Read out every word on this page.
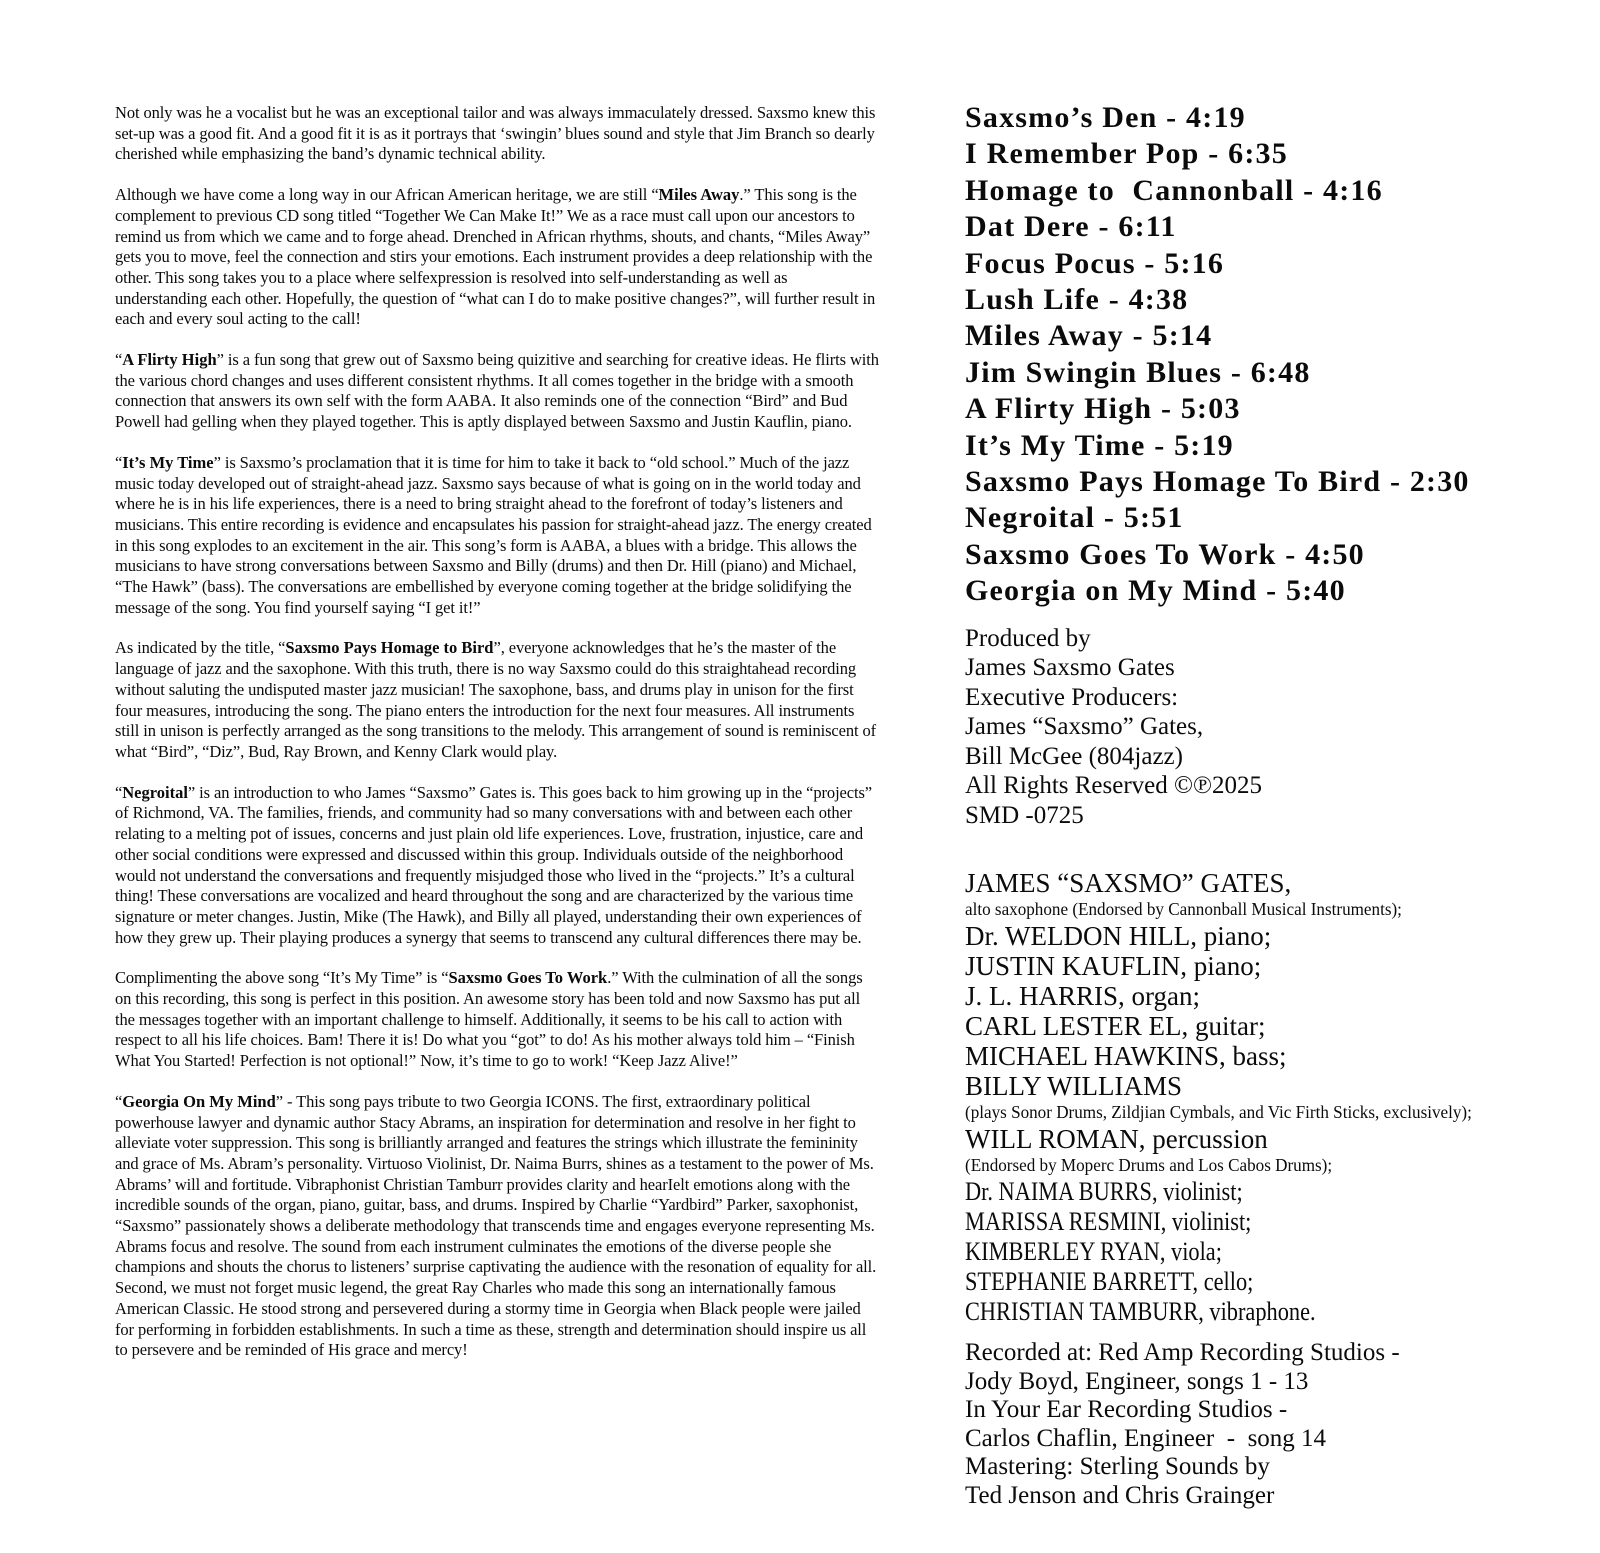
Not only was he a vocalist but he was an exceptional tailor and was always immaculately dressed. Saxsmo knew this set-up was a good fit. And a good fit it is as it portrays that ‘swingin’ blues sound and style that Jim Branch so dearly cherished while emphasizing the band’s dynamic technical ability.

Although we have come a long way in our African American heritage, we are still “Miles Away.” This song is the complement to previous CD song titled “Together We Can Make It!” We as a race must call upon our ancestors to remind us from which we came and to forge ahead. Drenched in African rhythms, shouts, and chants, “Miles Away” gets you to move, feel the connection and stirs your emotions. Each instrument provides a deep relationship with the other. This song takes you to a place where selfexpression is resolved into self-understanding as well as understanding each other. Hopefully, the question of “what can I do to make positive changes?”, will further result in each and every soul acting to the call!

“A Flirty High” is a fun song that grew out of Saxsmo being quizitive and searching for creative ideas. He flirts with the various chord changes and uses different consistent rhythms. It all comes together in the bridge with a smooth connection that answers its own self with the form AABA. It also reminds one of the connection “Bird” and Bud Powell had gelling when they played together. This is aptly displayed between Saxsmo and Justin Kauflin, piano.

“It’s My Time” is Saxsmo’s proclamation that it is time for him to take it back to “old school.” Much of the jazz music today developed out of straight-ahead jazz. Saxsmo says because of what is going on in the world today and where he is in his life experiences, there is a need to bring straight ahead to the forefront of today’s listeners and musicians. This entire recording is evidence and encapsulates his passion for straight-ahead jazz. The energy created in this song explodes to an excitement in the air. This song’s form is AABA, a blues with a bridge. This allows the musicians to have strong conversations between Saxsmo and Billy (drums) and then Dr. Hill (piano) and Michael, “The Hawk” (bass). The conversations are embellished by everyone coming together at the bridge solidifying the message of the song. You find yourself saying “I get it!”

As indicated by the title, “Saxsmo Pays Homage to Bird”, everyone acknowledges that he’s the master of the language of jazz and the saxophone. With this truth, there is no way Saxsmo could do this straightahead recording without saluting the undisputed master jazz musician! The saxophone, bass, and drums play in unison for the first four measures, introducing the song. The piano enters the introduction for the next four measures. All instruments still in unison is perfectly arranged as the song transitions to the melody. This arrangement of sound is reminiscent of what “Bird”, “Diz”, Bud, Ray Brown, and Kenny Clark would play.

“Negroital” is an introduction to who James “Saxsmo” Gates is. This goes back to him growing up in the “projects” of Richmond, VA. The families, friends, and community had so many conversations with and between each other relating to a melting pot of issues, concerns and just plain old life experiences. Love, frustration, injustice, care and other social conditions were expressed and discussed within this group. Individuals outside of the neighborhood would not understand the conversations and frequently misjudged those who lived in the “projects.” It’s a cultural thing! These conversations are vocalized and heard throughout the song and are characterized by the various time signature or meter changes. Justin, Mike (The Hawk), and Billy all played, understanding their own experiences of how they grew up. Their playing produces a synergy that seems to transcend any cultural differences there may be.

Complimenting the above song “It’s My Time” is “Saxsmo Goes To Work.” With the culmination of all the songs on this recording, this song is perfect in this position. An awesome story has been told and now Saxsmo has put all the messages together with an important challenge to himself. Additionally, it seems to be his call to action with respect to all his life choices. Bam! There it is! Do what you “got” to do! As his mother always told him – “Finish What You Started! Perfection is not optional!” Now, it’s time to go to work! “Keep Jazz Alive!”

“Georgia On My Mind” - This song pays tribute to two Georgia ICONS. The first, extraordinary political powerhouse lawyer and dynamic author Stacy Abrams, an inspiration for determination and resolve in her fight to alleviate voter suppression. This song is brilliantly arranged and features the strings which illustrate the femininity and grace of Ms. Abram’s personality. Virtuoso Violinist, Dr. Naima Burrs, shines as a testament to the power of Ms. Abrams’ will and fortitude. Vibraphonist Christian Tamburr provides clarity and hearIelt emotions along with the incredible sounds of the organ, piano, guitar, bass, and drums. Inspired by Charlie “Yardbird” Parker, saxophonist, “Saxsmo” passionately shows a deliberate methodology that transcends time and engages everyone representing Ms. Abrams focus and resolve. The sound from each instrument culminates the emotions of the diverse people she champions and shouts the chorus to listeners’ surprise captivating the audience with the resonation of equality for all. Second, we must not forget music legend, the great Ray Charles who made this song an internationally famous American Classic. He stood strong and persevered during a stormy time in Georgia when Black people were jailed for performing in forbidden establishments. In such a time as these, strength and determination should inspire us all to persevere and be reminded of His grace and mercy!

Saxsmo’s Den - 4:19
I Remember Pop - 6:35
Homage to  Cannonball - 4:16
Dat Dere - 6:11
Focus Pocus - 5:16
Lush Life - 4:38
Miles Away - 5:14
Jim Swingin Blues - 6:48
A Flirty High - 5:03
It’s My Time - 5:19
Saxsmo Pays Homage To Bird - 2:30
Negroital - 5:51
Saxsmo Goes To Work - 4:50
Georgia on My Mind - 5:40
Produced by
James Saxsmo Gates
Executive Producers:
James “Saxsmo” Gates,
Bill McGee (804jazz)
All Rights Reserved ©℗2025
SMD -0725
JAMES “SAXSMO” GATES,
alto saxophone (Endorsed by Cannonball Musical Instruments);
Dr. WELDON HILL, piano;
JUSTIN KAUFLIN, piano;
J. L. HARRIS, organ;
CARL LESTER EL, guitar;
MICHAEL HAWKINS, bass;
BILLY WILLIAMS
(plays Sonor Drums, Zildjian Cymbals, and Vic Firth Sticks, exclusively);
WILL ROMAN, percussion
(Endorsed by Moperc Drums and Los Cabos Drums);
Dr. NAIMA BURRS, violinist;
MARISSA RESMINI, violinist;
KIMBERLEY RYAN, viola;
STEPHANIE BARRETT, cello;
CHRISTIAN TAMBURR, vibraphone.
Recorded at: Red Amp Recording Studios -
Jody Boyd, Engineer, songs 1 - 13
In Your Ear Recording Studios -
Carlos Chaflin, Engineer  -  song 14
Mastering: Sterling Sounds by
Ted Jenson and Chris Grainger
